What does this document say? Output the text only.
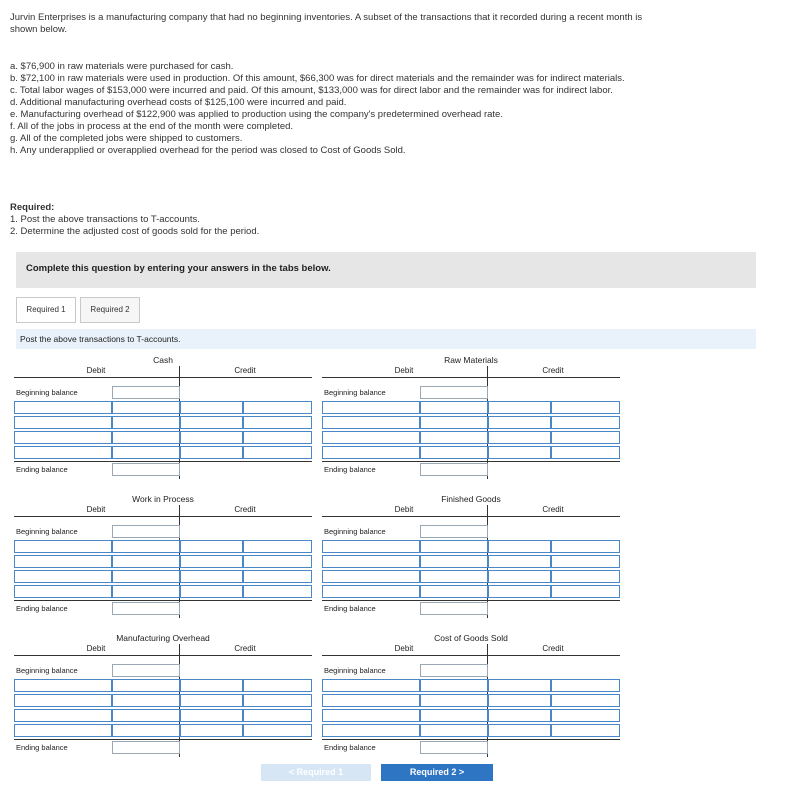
Jurvin Enterprises is a manufacturing company that had no beginning inventories. A subset of the transactions that it recorded during a recent month is shown below.
a. $76,900 in raw materials were purchased for cash.
b. $72,100 in raw materials were used in production. Of this amount, $66,300 was for direct materials and the remainder was for indirect materials.
c. Total labor wages of $153,000 were incurred and paid. Of this amount, $133,000 was for direct labor and the remainder was for indirect labor.
d. Additional manufacturing overhead costs of $125,100 were incurred and paid.
e. Manufacturing overhead of $122,900 was applied to production using the company's predetermined overhead rate.
f. All of the jobs in process at the end of the month were completed.
g. All of the completed jobs were shipped to customers.
h. Any underapplied or overapplied overhead for the period was closed to Cost of Goods Sold.
Required:
1. Post the above transactions to T-accounts.
2. Determine the adjusted cost of goods sold for the period.
Complete this question by entering your answers in the tabs below.
Required 1	Required 2
Post the above transactions to T-accounts.
Cash
Debit	Credit
Beginning balance
Ending balance
Raw Materials
Debit	Credit
Beginning balance
Ending balance
Work in Process
Debit	Credit
Beginning balance
Ending balance
Finished Goods
Debit	Credit
Beginning balance
Ending balance
Manufacturing Overhead
Debit	Credit
Beginning balance
Ending balance
Cost of Goods Sold
Debit	Credit
Beginning balance
Ending balance
< Required 1	Required 2 >
